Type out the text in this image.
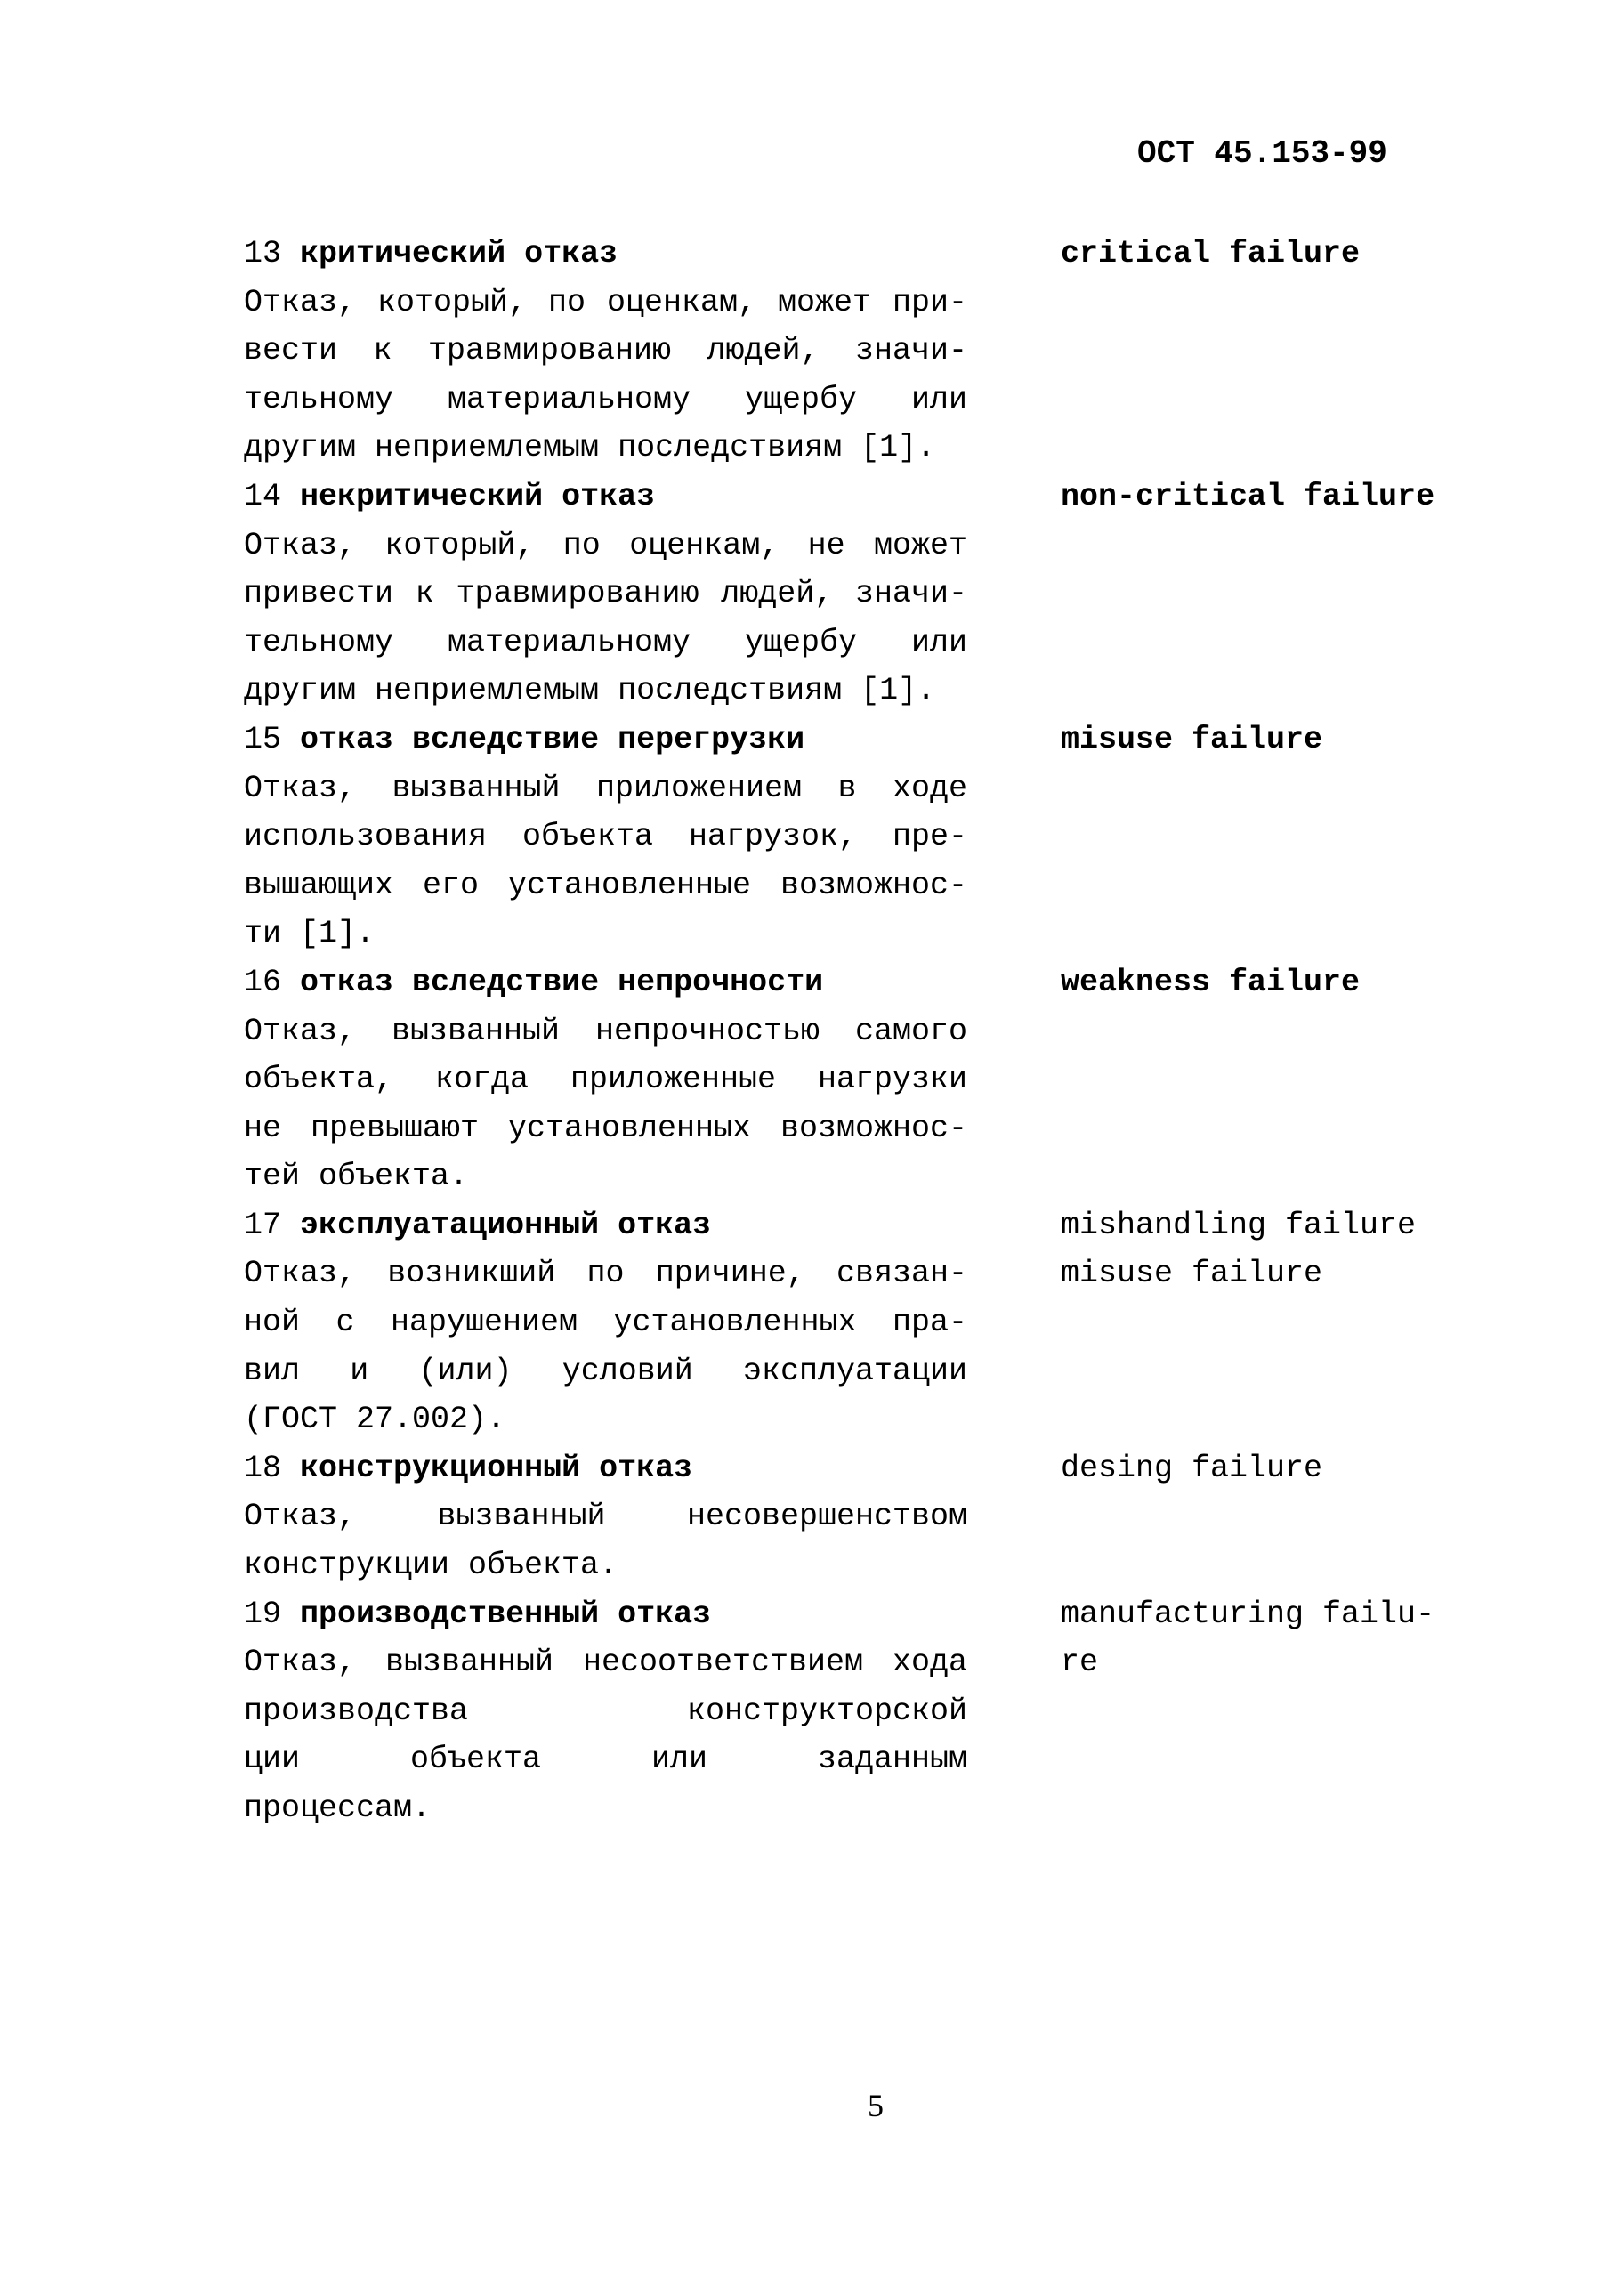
ОСТ 45.153-99
13 критический отказ
Отказ, который, по оценкам, может при-
вести к травмированию людей, значи-
тельному материальному ущербу или
другим неприемлемым последствиям [1].
critical failure
14 некритический отказ
Отказ, который, по оценкам, не может
привести к травмированию людей, значи-
тельному материальному ущербу или
другим неприемлемым последствиям [1].
non-critical failure
15 отказ вследствие перегрузки
Отказ, вызванный приложением в ходе
использования объекта нагрузок, пре-
вышающих его установленные возможнос-
ти [1].
misuse failure
16 отказ вследствие непрочности
Отказ, вызванный непрочностью самого
объекта, когда приложенные нагрузки
не превышают установленных возможнос-
тей объекта.
weakness failure
17 эксплуатационный отказ
Отказ, возникший по причине, связан-
ной с нарушением установленных пра-
вил и (или) условий эксплуатации
(ГОСТ 27.002).
mishandling failure
misuse failure
18 конструкционный отказ
Отказ, вызванный несовершенством
конструкции объекта.
desing failure
19 производственный отказ
Отказ, вызванный несоответствием хода
производства конструкторской
ции объекта или заданным
процессам.
manufacturing failu-
re
5
